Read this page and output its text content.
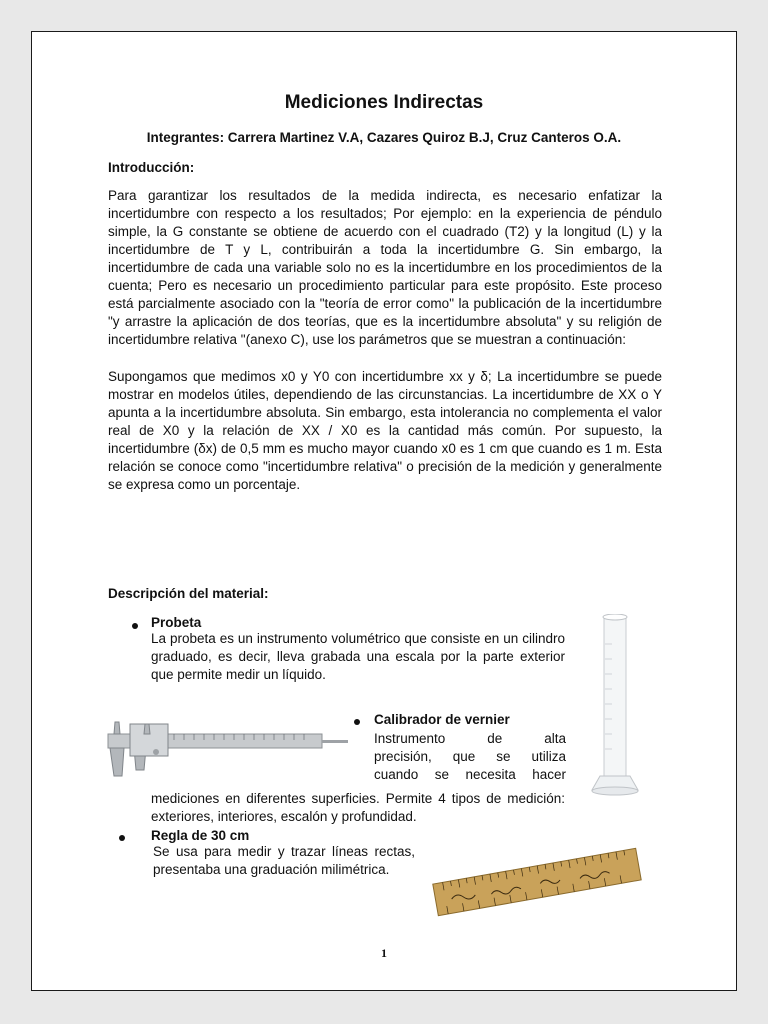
Mediciones Indirectas

Integrantes: Carrera Martinez V.A, Cazares Quiroz B.J, Cruz Canteros O.A.

Introducción:

Para garantizar los resultados de la medida indirecta, es necesario enfatizar la incertidumbre con respecto a los resultados; Por ejemplo: en la experiencia de péndulo simple, la G constante se obtiene de acuerdo con el cuadrado (T2) y la longitud (L) y la incertidumbre de T y L, contribuirán a toda la incertidumbre G. Sin embargo, la incertidumbre de cada una variable solo no es la incertidumbre en los procedimientos de la cuenta; Pero es necesario un procedimiento particular para este propósito. Este proceso está parcialmente asociado con la "teoría de error como" la publicación de la incertidumbre "y arrastre la aplicación de dos teorías, que es la incertidumbre absoluta" y su religión de incertidumbre relativa "(anexo C), use los parámetros que se muestran a continuación:

Supongamos que medimos x0 y Y0 con incertidumbre xx y δ; La incertidumbre se puede mostrar en modelos útiles, dependiendo de las circunstancias. La incertidumbre de XX o Y apunta a la incertidumbre absoluta. Sin embargo, esta intolerancia no complementa el valor real de X0 y la relación de XX / X0 es la cantidad más común. Por supuesto, la incertidumbre (δx) de 0,5 mm es mucho mayor cuando x0 es 1 cm que cuando es 1 m. Esta relación se conoce como "incertidumbre relativa" o precisión de la medición y generalmente se expresa como un porcentaje.

Descripción del material:

Probeta

La probeta es un instrumento volumétrico que consiste en un cilindro graduado, es decir, lleva grabada una escala por la parte exterior que permite medir un líquido.

Calibrador de vernier
Instrumento de alta
precisión, que se utiliza
cuando se necesita hacer

mediciones en diferentes superficies. Permite 4 tipos de medición: exteriores, interiores, escalón y profundidad.

Regla de 30 cm

Se usa para medir y trazar líneas rectas, presentaba una graduación milimétrica.

1
